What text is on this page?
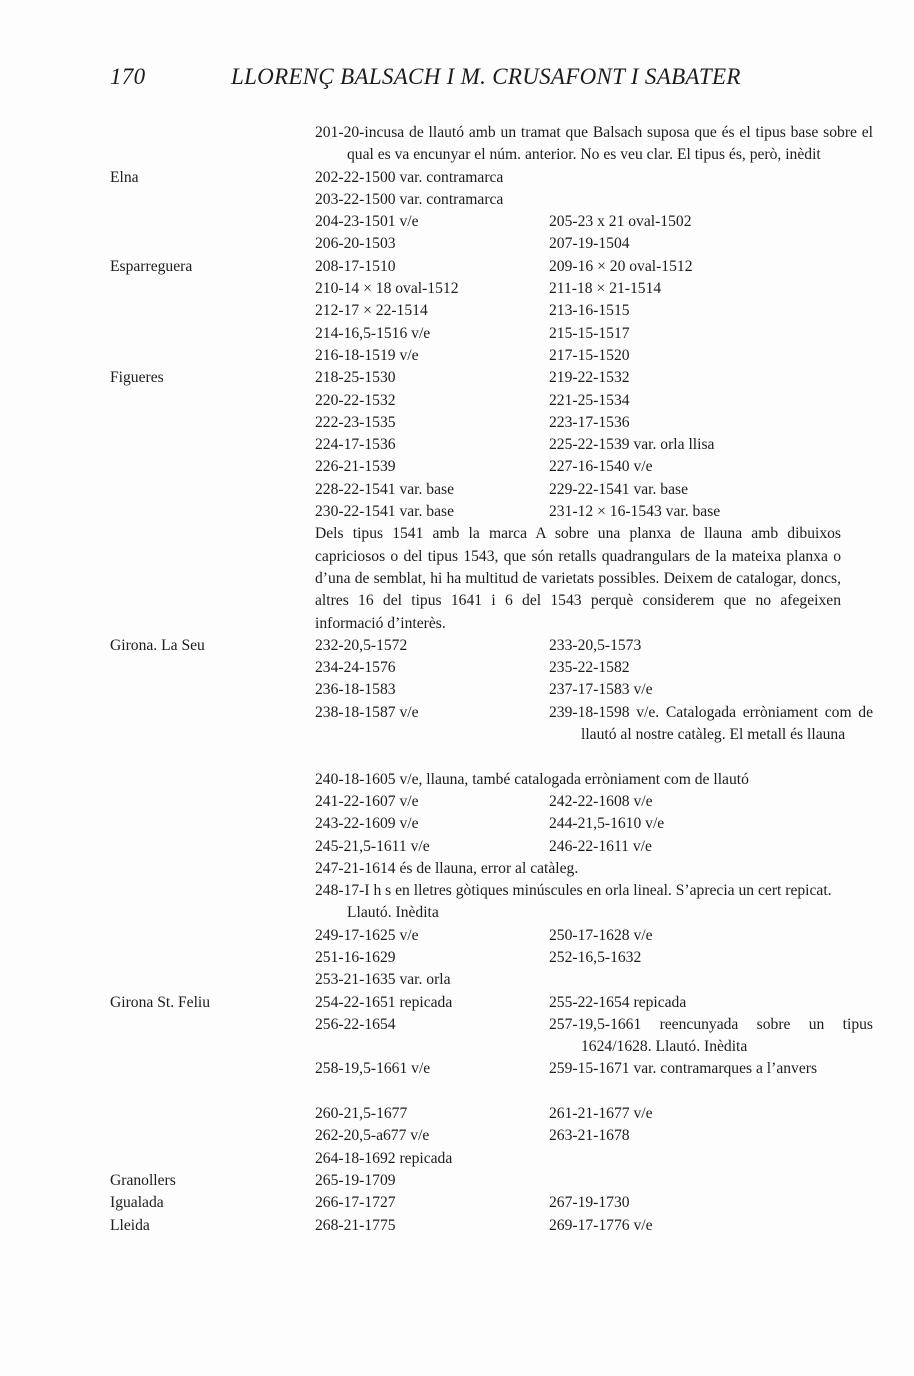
170	LLORENÇ BALSACH I M. CRUSAFONT I SABATER
201-20-incusa de llautó amb un tramat que Balsach suposa que és el tipus base sobre el qual es va encunyar el núm. anterior. No es veu clar. El tipus és, però, inèdit
Elna	202-22-1500 var. contramarca
203-22-1500 var. contramarca
204-23-1501 v/e	205-23 x 21 oval-1502
206-20-1503	207-19-1504
Esparreguera	208-17-1510	209-16 × 20 oval-1512
210-14 × 18 oval-1512	211-18 × 21-1514
212-17 × 22-1514	213-16-1515
214-16,5-1516 v/e	215-15-1517
216-18-1519 v/e	217-15-1520
Figueres	218-25-1530	219-22-1532
220-22-1532	221-25-1534
222-23-1535	223-17-1536
224-17-1536	225-22-1539 var. orla llisa
226-21-1539	227-16-1540 v/e
228-22-1541 var. base	229-22-1541 var. base
230-22-1541 var. base	231-12 × 16-1543 var. base
Dels tipus 1541 amb la marca A sobre una planxa de llauna amb dibuixos capriciosos o del tipus 1543, que són retalls quadrangulars de la mateixa planxa o d’una de semblat, hi ha multitud de varietats possibles. Deixem de catalogar, doncs, altres 16 del tipus 1641 i 6 del 1543 perquè considerem que no afegeixen informació d’interès.
Girona. La Seu	232-20,5-1572	233-20,5-1573
234-24-1576	235-22-1582
236-18-1583	237-17-1583 v/e
238-18-1587 v/e	239-18-1598 v/e. Catalogada erròniament com de llautó al nostre catàleg. El metall és llauna
240-18-1605 v/e, llauna, també catalogada erròniament com de llautó
241-22-1607 v/e	242-22-1608 v/e
243-22-1609 v/e	244-21,5-1610 v/e
245-21,5-1611 v/e	246-22-1611 v/e
247-21-1614 és de llauna, error al catàleg.
248-17-I h s en lletres gòtiques minúscules en orla lineal. S’aprecia un cert repicat. Llautó. Inèdita
249-17-1625 v/e	250-17-1628 v/e
251-16-1629	252-16,5-1632
253-21-1635 var. orla
Girona St. Feliu	254-22-1651 repicada	255-22-1654 repicada
256-22-1654	257-19,5-1661 reencunyada sobre un tipus 1624/1628. Llautó. Inèdita
258-19,5-1661 v/e	259-15-1671 var. contramarques a l’anvers
260-21,5-1677	261-21-1677 v/e
262-20,5-a677 v/e	263-21-1678
264-18-1692 repicada
Granollers	265-19-1709
Igualada	266-17-1727	267-19-1730
Lleida	268-21-1775	269-17-1776 v/e
